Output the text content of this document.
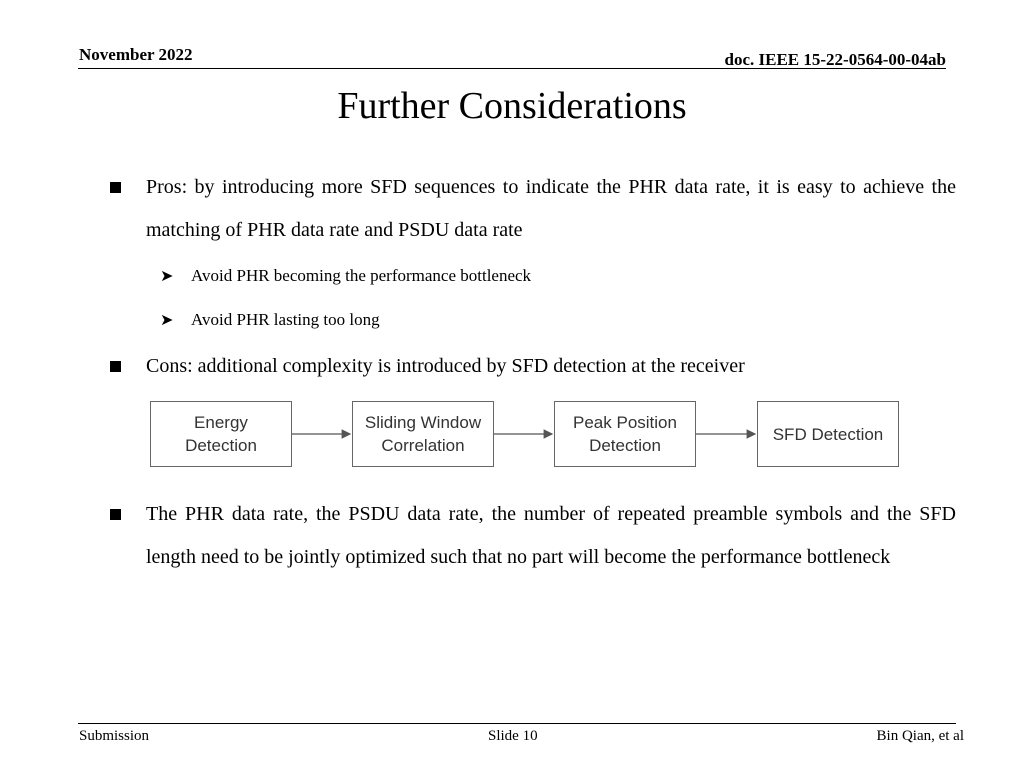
November 2022	doc. IEEE 15-22-0564-00-04ab
Further Considerations
Pros: by introducing more SFD sequences to indicate the PHR data rate, it is easy to achieve the matching of PHR data rate and PSDU data rate
➤ Avoid PHR becoming the performance bottleneck
➤ Avoid PHR lasting too long
Cons: additional complexity is introduced by SFD detection at the receiver
Energy
Detection
Sliding Window
Correlation
Peak Position
Detection
SFD Detection
The PHR data rate, the PSDU data rate, the number of repeated preamble symbols and the SFD length need to be jointly optimized such that no part will become the performance bottleneck
Submission	Slide 10	Bin Qian, et al
